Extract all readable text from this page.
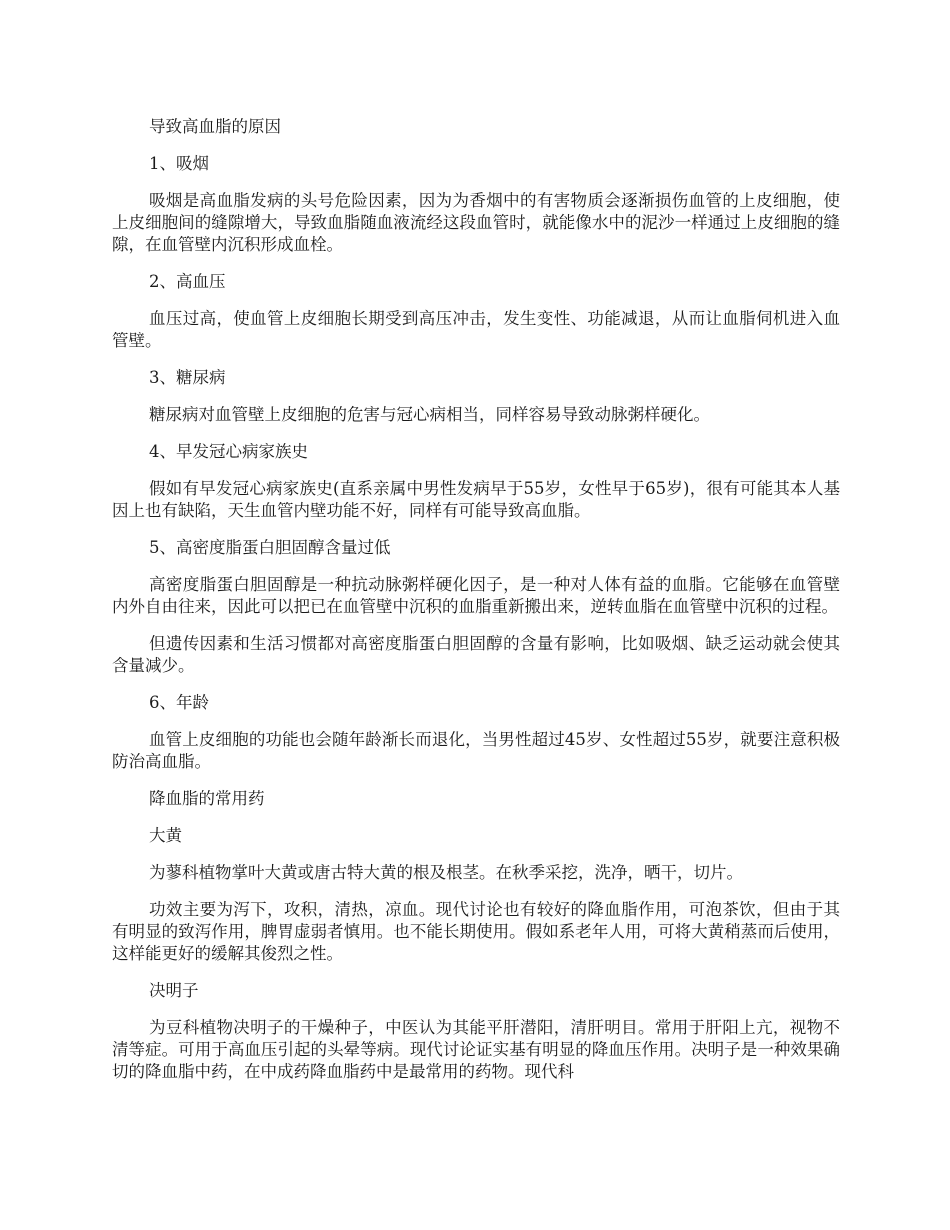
导致高血脂的原因

1、吸烟

吸烟是高血脂发病的头号危险因素，因为为香烟中的有害物质会逐渐损伤血管的上皮细胞，使上皮细胞间的缝隙增大，导致血脂随血液流经这段血管时，就能像水中的泥沙一样通过上皮细胞的缝隙，在血管壁内沉积形成血栓。

2、高血压

血压过高，使血管上皮细胞长期受到高压冲击，发生变性、功能减退，从而让血脂伺机进入血管壁。

3、糖尿病

糖尿病对血管壁上皮细胞的危害与冠心病相当，同样容易导致动脉粥样硬化。

4、早发冠心病家族史

假如有早发冠心病家族史(直系亲属中男性发病早于55岁，女性早于65岁)，很有可能其本人基因上也有缺陷，天生血管内壁功能不好，同样有可能导致高血脂。

5、高密度脂蛋白胆固醇含量过低

高密度脂蛋白胆固醇是一种抗动脉粥样硬化因子，是一种对人体有益的血脂。它能够在血管壁内外自由往来，因此可以把已在血管壁中沉积的血脂重新搬出来，逆转血脂在血管壁中沉积的过程。

但遗传因素和生活习惯都对高密度脂蛋白胆固醇的含量有影响，比如吸烟、缺乏运动就会使其含量减少。

6、年龄

血管上皮细胞的功能也会随年龄渐长而退化，当男性超过45岁、女性超过55岁，就要注意积极防治高血脂。

降血脂的常用药

大黄

为蓼科植物掌叶大黄或唐古特大黄的根及根茎。在秋季采挖，洗净，晒干，切片。

功效主要为泻下，攻积，清热，凉血。现代讨论也有较好的降血脂作用，可泡茶饮，但由于其有明显的致泻作用，脾胃虚弱者慎用。也不能长期使用。假如系老年人用，可将大黄稍蒸而后使用，这样能更好的缓解其俊烈之性。

决明子

为豆科植物决明子的干燥种子，中医认为其能平肝潜阳，清肝明目。常用于肝阳上亢，视物不清等症。可用于高血压引起的头晕等病。现代讨论证实基有明显的降血压作用。决明子是一种效果确切的降血脂中药，在中成药降血脂药中是最常用的药物。现代科
